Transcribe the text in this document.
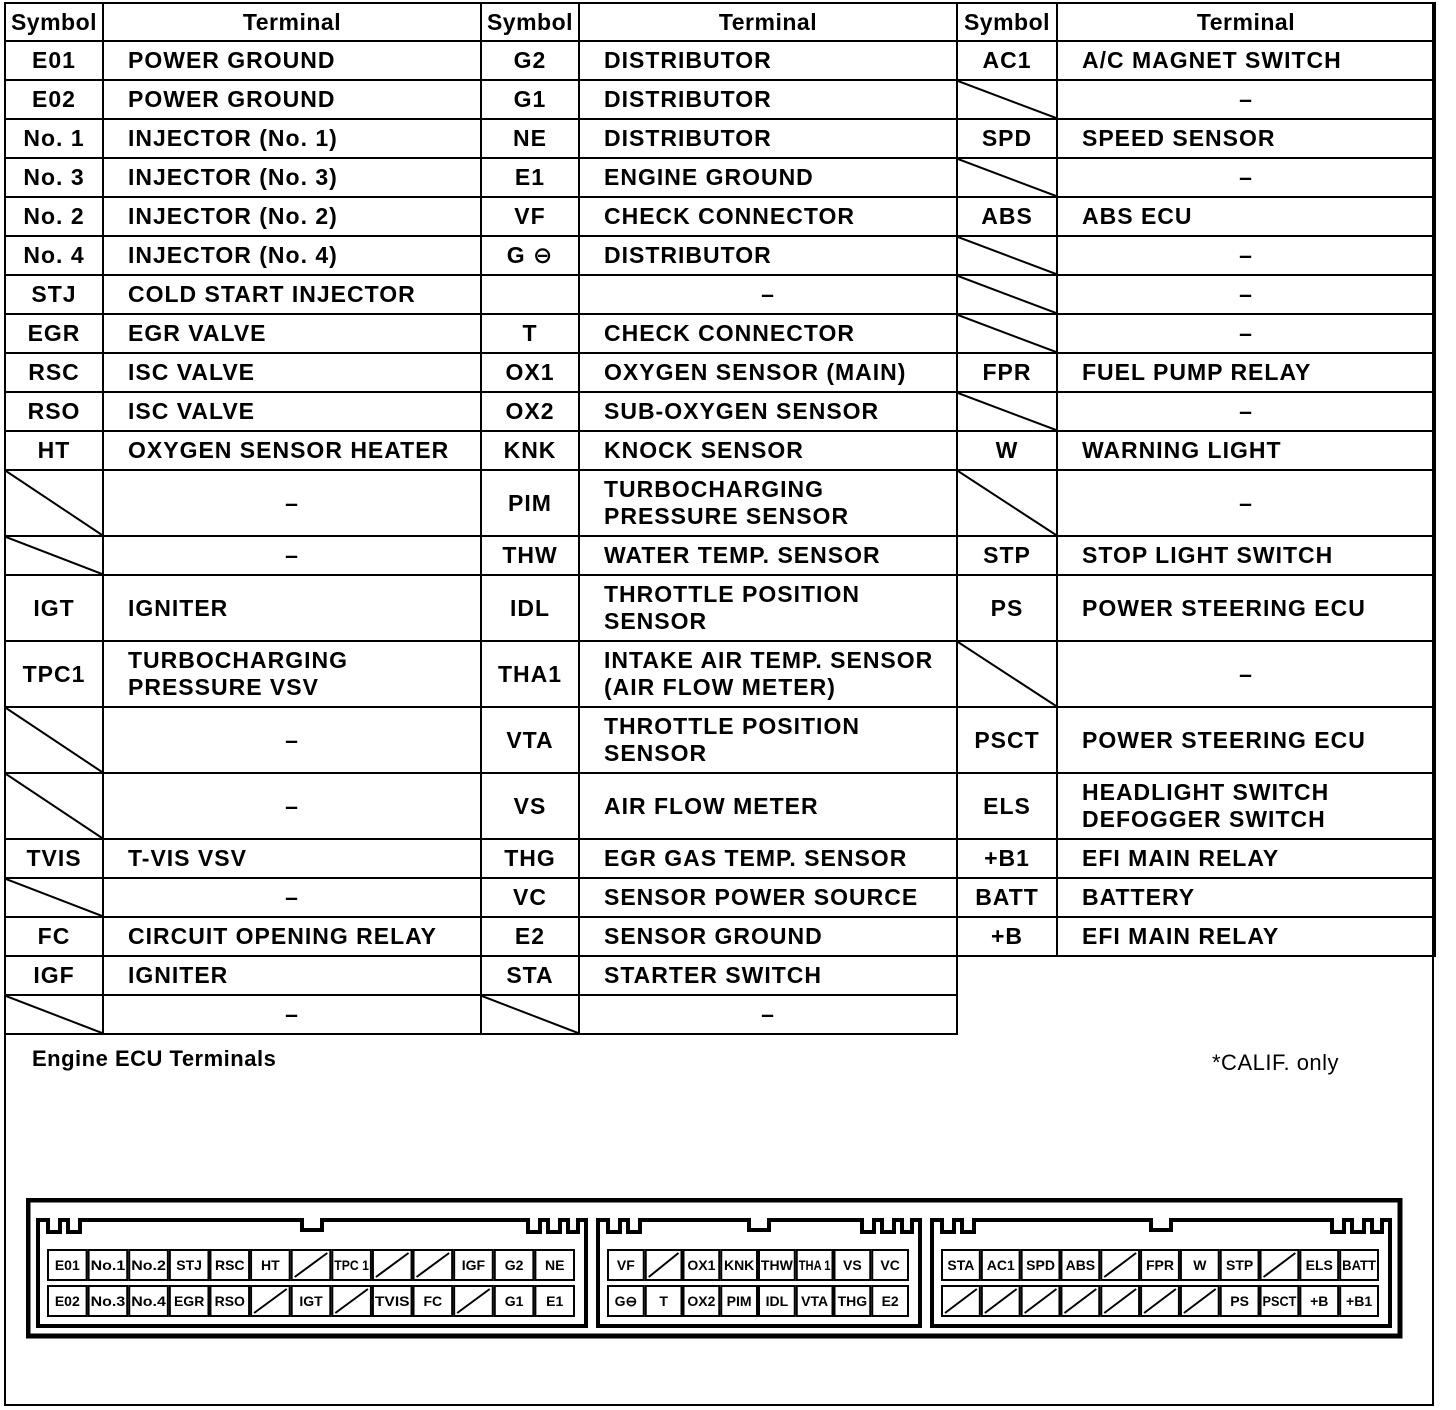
Symbol	Terminal	Symbol	Terminal	Symbol	Terminal
E01	POWER GROUND	G2	DISTRIBUTOR	AC1	A/C MAGNET SWITCH
E02	POWER GROUND	G1	DISTRIBUTOR		–
No. 1	INJECTOR (No. 1)	NE	DISTRIBUTOR	SPD	SPEED SENSOR
No. 3	INJECTOR (No. 3)	E1	ENGINE GROUND		–
No. 2	INJECTOR (No. 2)	VF	CHECK CONNECTOR	ABS	ABS ECU
No. 4	INJECTOR (No. 4)	G ⊖	DISTRIBUTOR		–
STJ	COLD START INJECTOR		–		–
EGR	EGR VALVE	T	CHECK CONNECTOR		–
RSC	ISC VALVE	OX1	OXYGEN SENSOR (MAIN)	FPR	FUEL PUMP RELAY
RSO	ISC VALVE	OX2	SUB-OXYGEN SENSOR		–
HT	OXYGEN SENSOR HEATER	KNK	KNOCK SENSOR	W	WARNING LIGHT

	–	PIM	TURBOCHARGING PRESSURE SENSOR		–

	–	THW	WATER TEMP. SENSOR	STP	STOP LIGHT SWITCH
IGT	IGNITER	IDL	THROTTLE POSITION SENSOR	PS	POWER STEERING ECU
TPC1	TURBOCHARGING PRESSURE VSV	THA1	INTAKE AIR TEMP. SENSOR (AIR FLOW METER)		–

	–	VTA	THROTTLE POSITION SENSOR	PSCT	POWER STEERING ECU

	–	VS	AIR FLOW METER	ELS	HEADLIGHT SWITCH DEFOGGER SWITCH
TVIS	T-VIS VSV	THG	EGR GAS TEMP. SENSOR	+B1	EFI MAIN RELAY

	–	VC	SENSOR POWER SOURCE	BATT	BATTERY
FC	CIRCUIT OPENING RELAY	E2	SENSOR GROUND	+B	EFI MAIN RELAY
IGF	IGNITER	STA	STARTER SWITCH		

	–		–		
Engine ECU Terminals	*CALIF. only
E01 No.1 No.2 STJ RSC HT	TPC 1	IGF G2 NE
E02 No.3 No.4 EGR RSO	IGT	TVIS FC	G1 E1
VF	OX1 KNK THW THA 1 VS VC
G⊖ T OX2 PIM IDL VTA THG E2
STA AC1 SPD ABS	FPR W STP	ELS BATT
PS PSCT +B +B1
